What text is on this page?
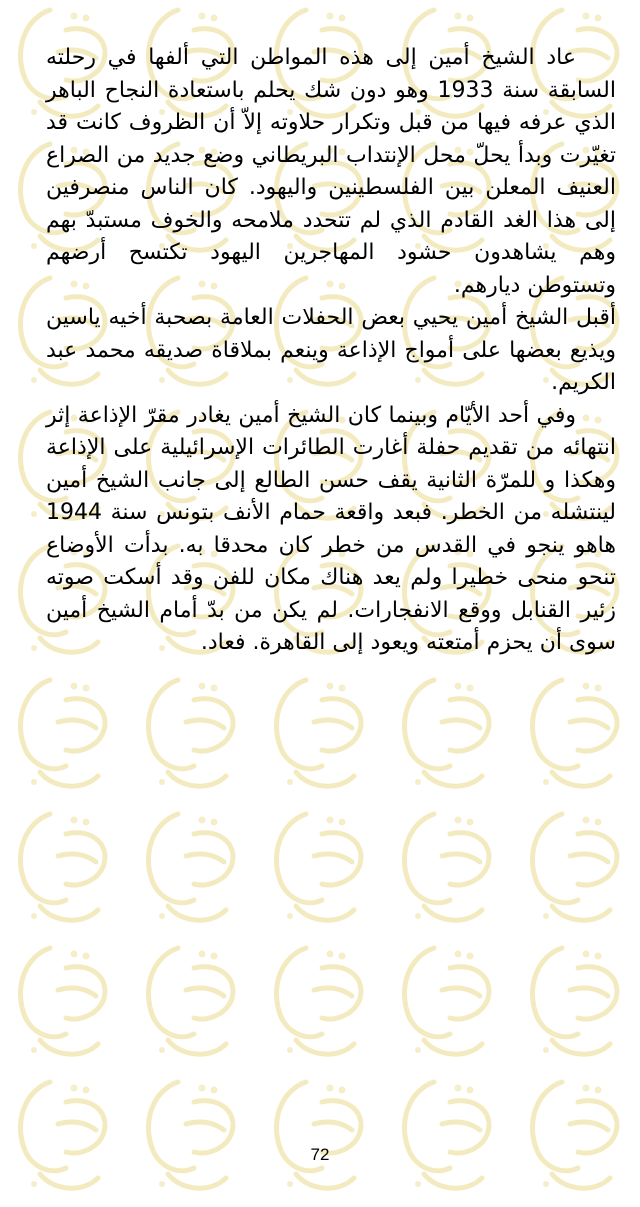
عاد الشيخ أمين إلى هذه المواطن التي ألفها في رحلته السابقة سنة 1933 وهو دون شك يحلم باستعادة النجاح الباهر الذي عرفه فيها من قبل وتكرار حلاوته إلاّ أن الظروف كانت قد تغيّرت وبدأ يحلّ محل الإنتداب البريطاني وضع جديد من الصراع العنيف المعلن بين الفلسطينين واليهود. كان الناس منصرفين إلى هذا الغد القادم الذي لم تتحدد ملامحه والخوف مستبدّ بهم وهم يشاهدون حشود المهاجرين اليهود تكتسح أرضهم وتستوطن ديارهم.

أقبل الشيخ أمين يحيي بعض الحفلات العامة بصحبة أخيه ياسين ويذيع بعضها على أمواج الإذاعة وينعم بملاقاة صديقه محمد عبد الكريم.

وفي أحد الأيّام وبينما كان الشيخ أمين يغادر مقرّ الإذاعة إثر انتهائه من تقديم حفلة أغارت الطائرات الإسرائيلية على الإذاعة وهكذا و للمرّة الثانية يقف حسن الطالع إلى جانب الشيخ أمين لينتشله من الخطر. فبعد واقعة حمام الأنف بتونس سنة 1944 هاهو ينجو في القدس من خطر كان محدقا به. بدأت الأوضاع تنحو منحى خطيرا ولم يعد هناك مكان للفن وقد أسكت صوته زئير القنابل ووقع الانفجارات. لم يكن من بدّ أمام الشيخ أمين سوى أن يحزم أمتعته ويعود إلى القاهرة. فعاد.

72
